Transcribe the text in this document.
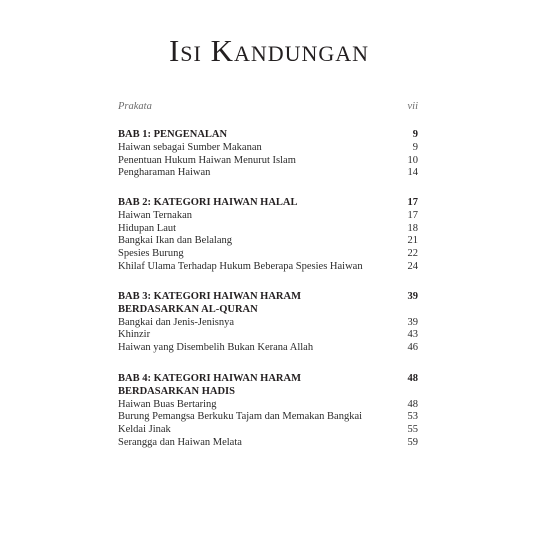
Isi Kandungan
Prakata	vii
BAB 1: PENGENALAN	9
Haiwan sebagai Sumber Makanan	9
Penentuan Hukum Haiwan Menurut Islam	10
Pengharaman Haiwan	14
BAB 2: KATEGORI HAIWAN HALAL	17
Haiwan Ternakan	17
Hidupan Laut	18
Bangkai Ikan dan Belalang	21
Spesies Burung	22
Khilaf Ulama Terhadap Hukum Beberapa Spesies Haiwan	24
BAB 3: KATEGORI HAIWAN HARAM	39
BERDASARKAN AL-QURAN
Bangkai dan Jenis-Jenisnya	39
Khinzir	43
Haiwan yang Disembelih Bukan Kerana Allah	46
BAB 4: KATEGORI HAIWAN HARAM	48
BERDASARKAN HADIS
Haiwan Buas Bertaring	48
Burung Pemangsa Berkuku Tajam dan Memakan Bangkai	53
Keldai Jinak	55
Serangga dan Haiwan Melata	59
